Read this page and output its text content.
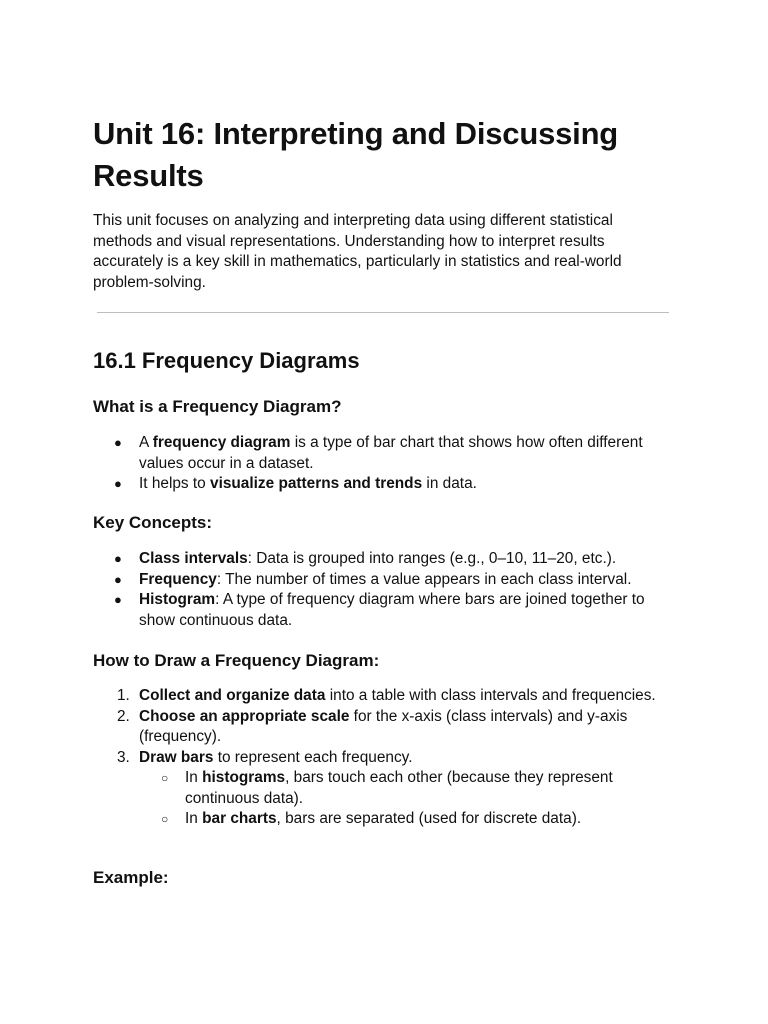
Unit 16: Interpreting and Discussing Results

This unit focuses on analyzing and interpreting data using different statistical methods and visual representations. Understanding how to interpret results accurately is a key skill in mathematics, particularly in statistics and real-world problem-solving.

16.1 Frequency Diagrams
What is a Frequency Diagram?
● A frequency diagram is a type of bar chart that shows how often different values occur in a dataset.
● It helps to visualize patterns and trends in data.
Key Concepts:
● Class intervals: Data is grouped into ranges (e.g., 0–10, 11–20, etc.).
● Frequency: The number of times a value appears in each class interval.
● Histogram: A type of frequency diagram where bars are joined together to show continuous data.
How to Draw a Frequency Diagram:
1. Collect and organize data into a table with class intervals and frequencies.
2. Choose an appropriate scale for the x-axis (class intervals) and y-axis (frequency).
3. Draw bars to represent each frequency.
○ In histograms, bars touch each other (because they represent continuous data).
○ In bar charts, bars are separated (used for discrete data).
Example:
